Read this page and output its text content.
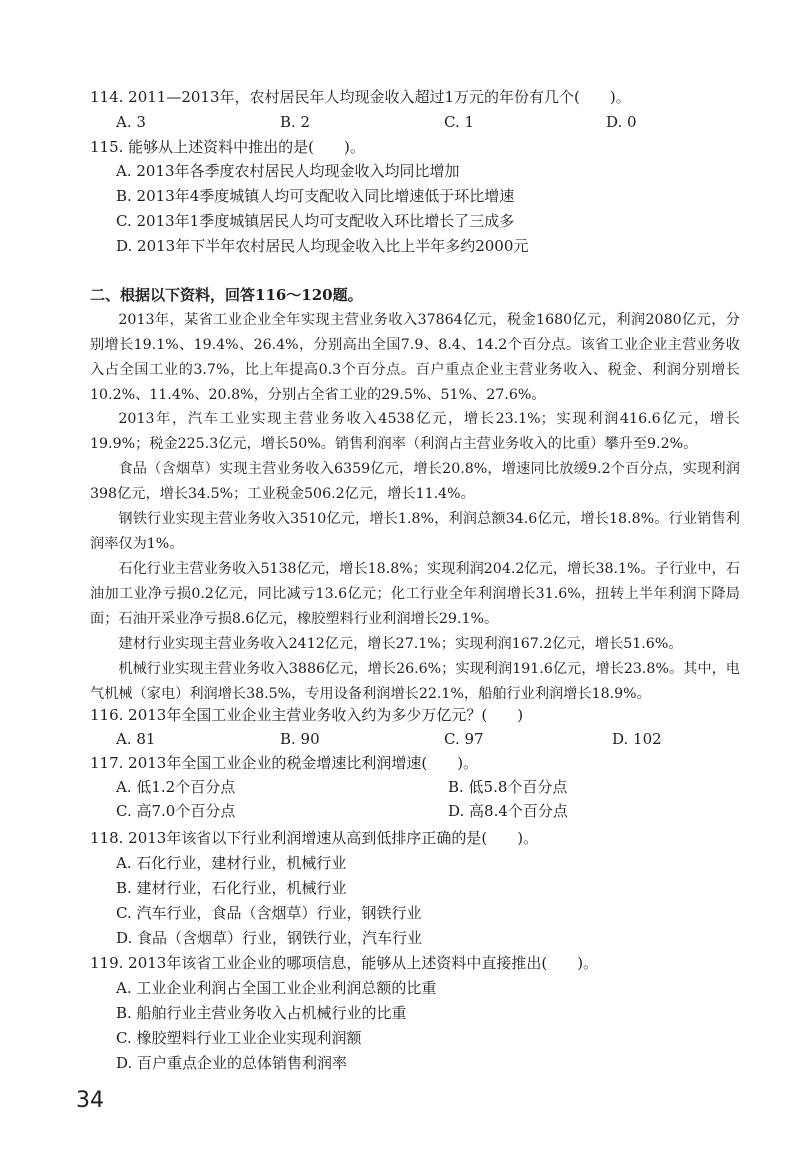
114. 2011—2013年，农村居民年人均现金收入超过1万元的年份有几个(　　)。
A. 3	B. 2	C. 1	D. 0
115. 能够从上述资料中推出的是(　　)。
A. 2013年各季度农村居民人均现金收入均同比增加
B. 2013年4季度城镇人均可支配收入同比增速低于环比增速
C. 2013年1季度城镇居民人均可支配收入环比增长了三成多
D. 2013年下半年农村居民人均现金收入比上半年多约2000元
二、根据以下资料，回答116～120题。
2013年，某省工业企业全年实现主营业务收入37864亿元，税金1680亿元，利润2080亿元，分别增长19.1%、19.4%、26.4%，分别高出全国7.9、8.4、14.2个百分点。该省工业企业主营业务收入占全国工业的3.7%，比上年提高0.3个百分点。百户重点企业主营业务收入、税金、利润分别增长10.2%、11.4%、20.8%，分别占全省工业的29.5%、51%、27.6%。
2013年，汽车工业实现主营业务收入4538亿元，增长23.1%；实现利润416.6亿元，增长19.9%；税金225.3亿元，增长50%。销售利润率（利润占主营业务收入的比重）攀升至9.2%。
食品（含烟草）实现主营业务收入6359亿元，增长20.8%，增速同比放缓9.2个百分点，实现利润398亿元，增长34.5%；工业税金506.2亿元，增长11.4%。
钢铁行业实现主营业务收入3510亿元，增长1.8%，利润总额34.6亿元，增长18.8%。行业销售利润率仅为1%。
石化行业主营业务收入5138亿元，增长18.8%；实现利润204.2亿元，增长38.1%。子行业中，石油加工业净亏损0.2亿元，同比减亏13.6亿元；化工行业全年利润增长31.6%，扭转上半年利润下降局面；石油开采业净亏损8.6亿元，橡胶塑料行业利润增长29.1%。
建材行业实现主营业务收入2412亿元，增长27.1%；实现利润167.2亿元，增长51.6%。
机械行业实现主营业务收入3886亿元，增长26.6%；实现利润191.6亿元，增长23.8%。其中，电气机械（家电）利润增长38.5%，专用设备利润增长22.1%，船舶行业利润增长18.9%。
116. 2013年全国工业企业主营业务收入约为多少万亿元？(　　)
A. 81	B. 90	C. 97	D. 102
117. 2013年全国工业企业的税金增速比利润增速(　　)。
A. 低1.2个百分点	B. 低5.8个百分点
C. 高7.0个百分点	D. 高8.4个百分点
118. 2013年该省以下行业利润增速从高到低排序正确的是(　　)。
A. 石化行业，建材行业，机械行业
B. 建材行业，石化行业，机械行业
C. 汽车行业，食品（含烟草）行业，钢铁行业
D. 食品（含烟草）行业，钢铁行业，汽车行业
119. 2013年该省工业企业的哪项信息，能够从上述资料中直接推出(　　)。
A. 工业企业利润占全国工业企业利润总额的比重
B. 船舶行业主营业务收入占机械行业的比重
C. 橡胶塑料行业工业企业实现利润额
D. 百户重点企业的总体销售利润率
34
